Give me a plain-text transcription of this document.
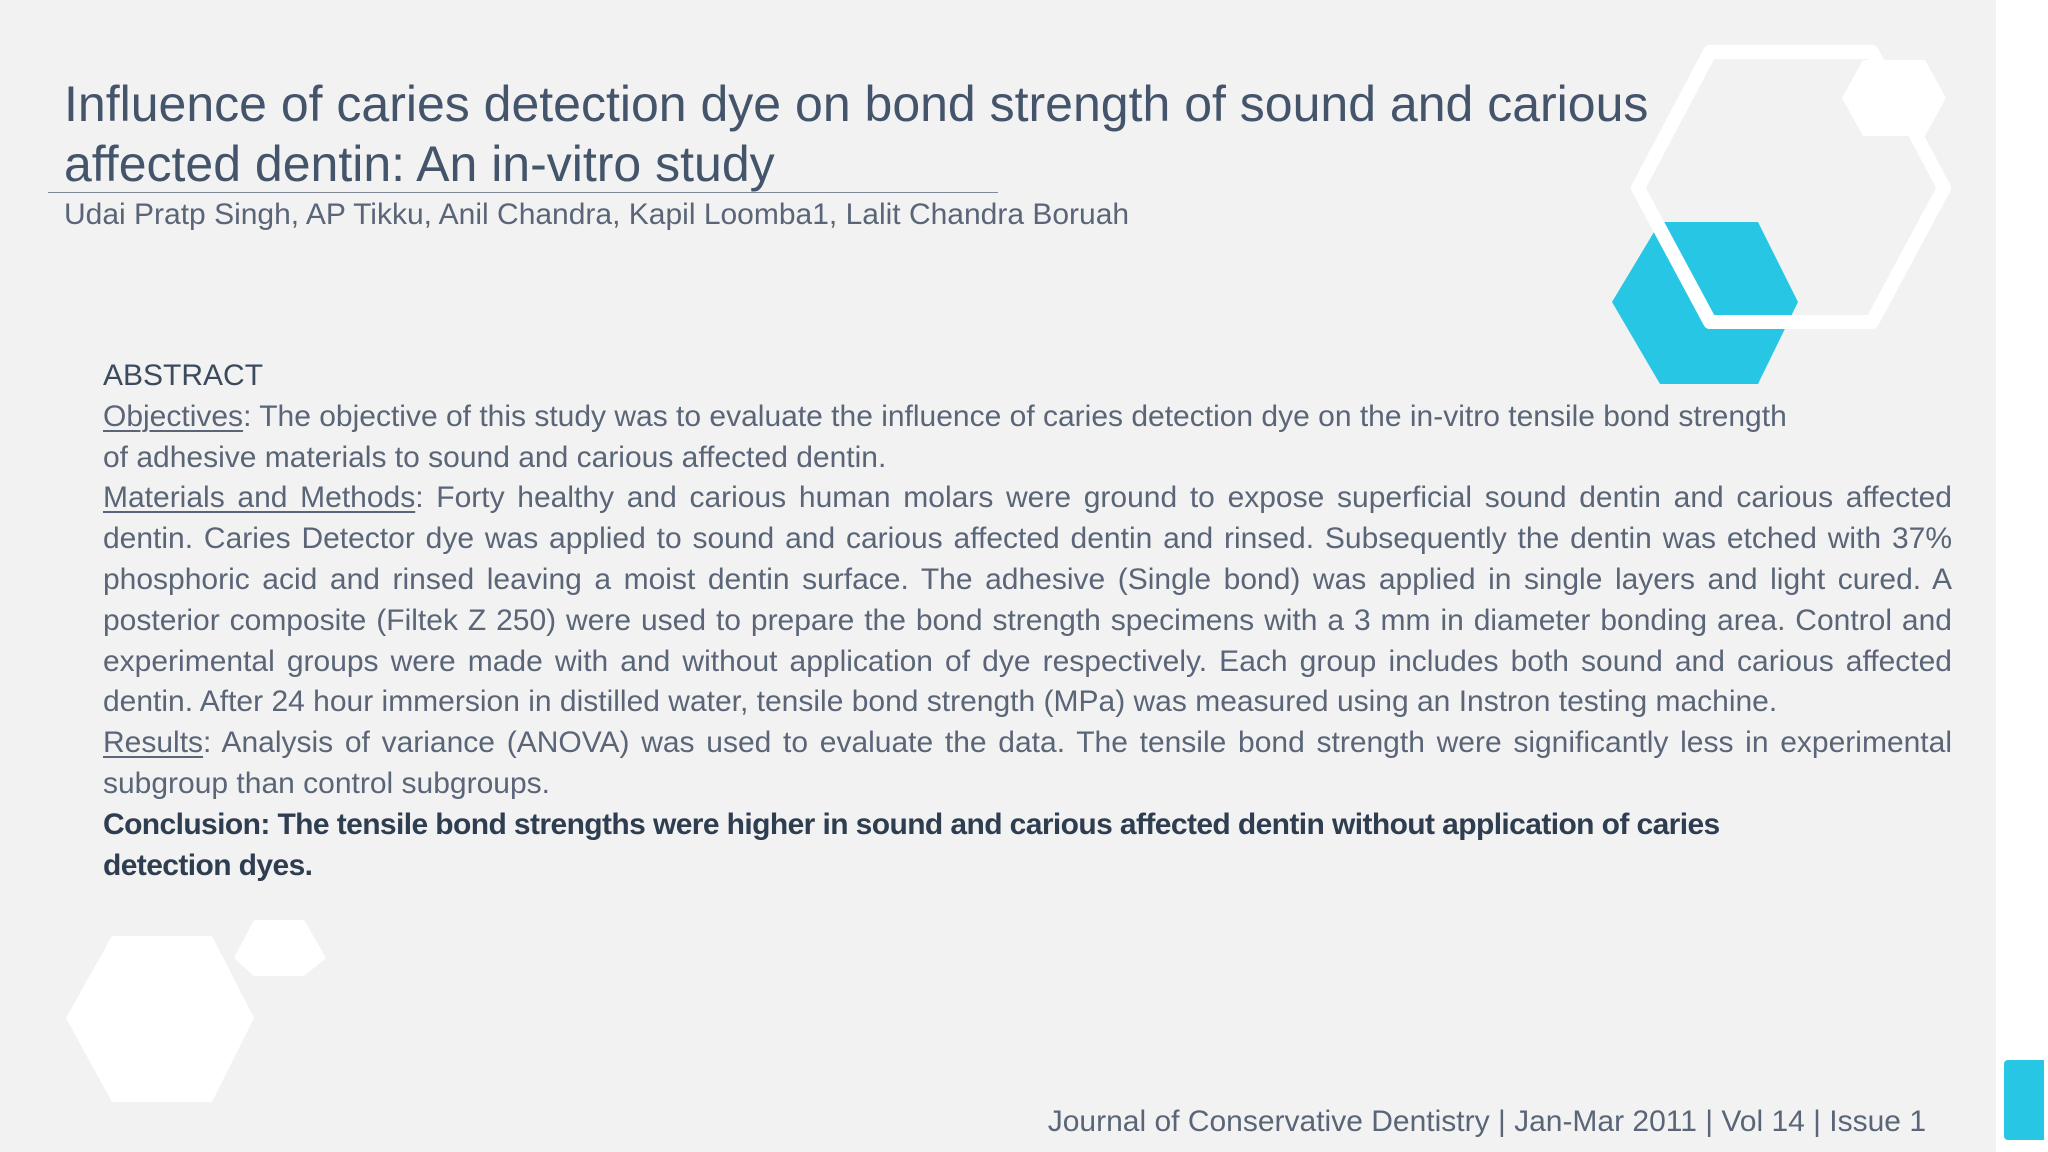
Influence of caries detection dye on bond strength of sound and carious
affected dentin: An in-vitro study
Udai Pratp Singh, AP Tikku, Anil Chandra, Kapil Loomba1, Lalit Chandra Boruah

ABSTRACT

Objectives: The objective of this study was to evaluate the influence of caries detection dye on the in-vitro tensile bond strength of adhesive materials to sound and carious affected dentin.

Materials and Methods: Forty healthy and carious human molars were ground to expose superficial sound dentin and carious affected dentin. Caries Detector dye was applied to sound and carious affected dentin and rinsed. Subsequently the dentin was etched with 37% phosphoric acid and rinsed leaving a moist dentin surface. The adhesive (Single bond) was applied in single layers and light cured. A posterior composite (Filtek Z 250) were used to prepare the bond strength specimens with a 3 mm in diameter bonding area. Control and experimental groups were made with and without application of dye respectively. Each group includes both sound and carious affected dentin. After 24 hour immersion in distilled water, tensile bond strength (MPa) was measured using an Instron testing machine.

Results: Analysis of variance (ANOVA) was used to evaluate the data. The tensile bond strength were significantly less in experimental subgroup than control subgroups.

Conclusion: The tensile bond strengths were higher in sound and carious affected dentin without application of caries detection dyes.

Journal of Conservative Dentistry | Jan-Mar 2011 | Vol 14 | Issue 1
